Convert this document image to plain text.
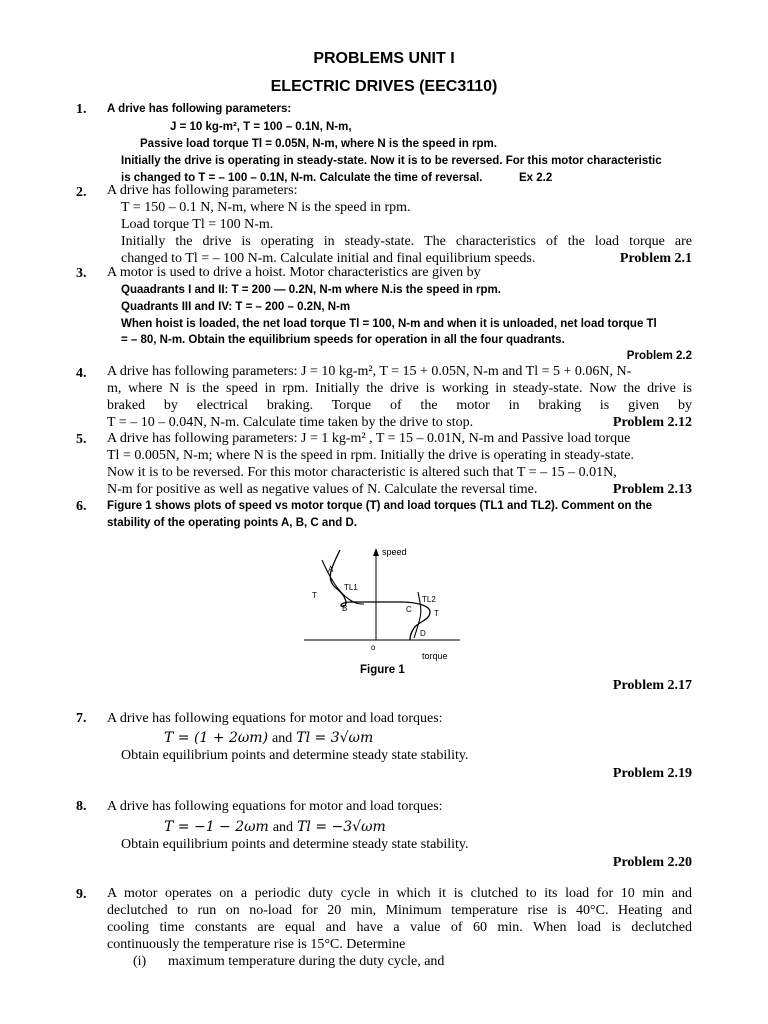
PROBLEMS UNIT I
ELECTRIC DRIVES (EEC3110)
1. A drive has following parameters:
J = 10 kg-m², T = 100 – 0.1N, N-m,
Passive load torque Tl = 0.05N, N-m, where N is the speed in rpm.
Initially the drive is operating in steady-state. Now it is to be reversed. For this motor characteristic
is changed to T = – 100 – 0.1N, N-m. Calculate the time of reversal.	Ex 2.2
2. A drive has following parameters:
T = 150 – 0.1 N, N-m, where N is the speed in rpm.
Load torque Tl = 100 N-m.
Initially the drive is operating in steady-state. The characteristics of the load torque are
changed to Tl = – 100 N-m. Calculate initial and final equilibrium speeds.	Problem 2.1
3. A motor is used to drive a hoist. Motor characteristics are given by
Quaadrants I and II: T = 200 — 0.2N, N-m where N.is the speed in rpm.
Quadrants III and IV: T = – 200 – 0.2N, N-m
When hoist is loaded, the net load torque Tl = 100, N-m and when it is unloaded, net load torque Tl
= – 80, N-m. Obtain the equilibrium speeds for operation in all the four quadrants.
Problem 2.2
4. A drive has following parameters: J = 10 kg-m², T = 15 + 0.05N, N-m and Tl = 5 + 0.06N, N-
m, where N is the speed in rpm. Initially the drive is working in steady-state. Now the drive is
braked by electrical braking. Torque of the motor in braking is given by
T = – 10 – 0.04N, N-m. Calculate time taken by the drive to stop.	Problem 2.12
5. A drive has following parameters: J = 1 kg-m² , T = 15 – 0.01N, N-m and Passive load torque
Tl = 0.005N, N-m; where N is the speed in rpm. Initially the drive is operating in steady-state.
Now it is to be reversed. For this motor characteristic is altered such that T = – 15 – 0.01N,
N-m for positive as well as negative values of N. Calculate the reversal time.	Problem 2.13
6. Figure 1 shows plots of speed vs motor torque (T) and load torques (TL1 and TL2). Comment on the
stability of the operating points A, B, C and D.
speed
torque
o
A
B	C
D
T
TL1
TL2
T
Figure 1
Problem 2.17
7. A drive has following equations for motor and load torques:
T = (1 + 2ωm) and Tl = 3√ωm
Obtain equilibrium points and determine steady state stability.
Problem 2.19
8. A drive has following equations for motor and load torques:
T = −1 − 2ωm and Tl = −3√ωm
Obtain equilibrium points and determine steady state stability.
Problem 2.20
9. A motor operates on a periodic duty cycle in which it is clutched to its load for 10 min and
declutched to run on no-load for 20 min, Minimum temperature rise is 40°C. Heating and
cooling time constants are equal and have a value of 60 min. When load is declutched
continuously the temperature rise is 15°C. Determine
(i) maximum temperature during the duty cycle, and
